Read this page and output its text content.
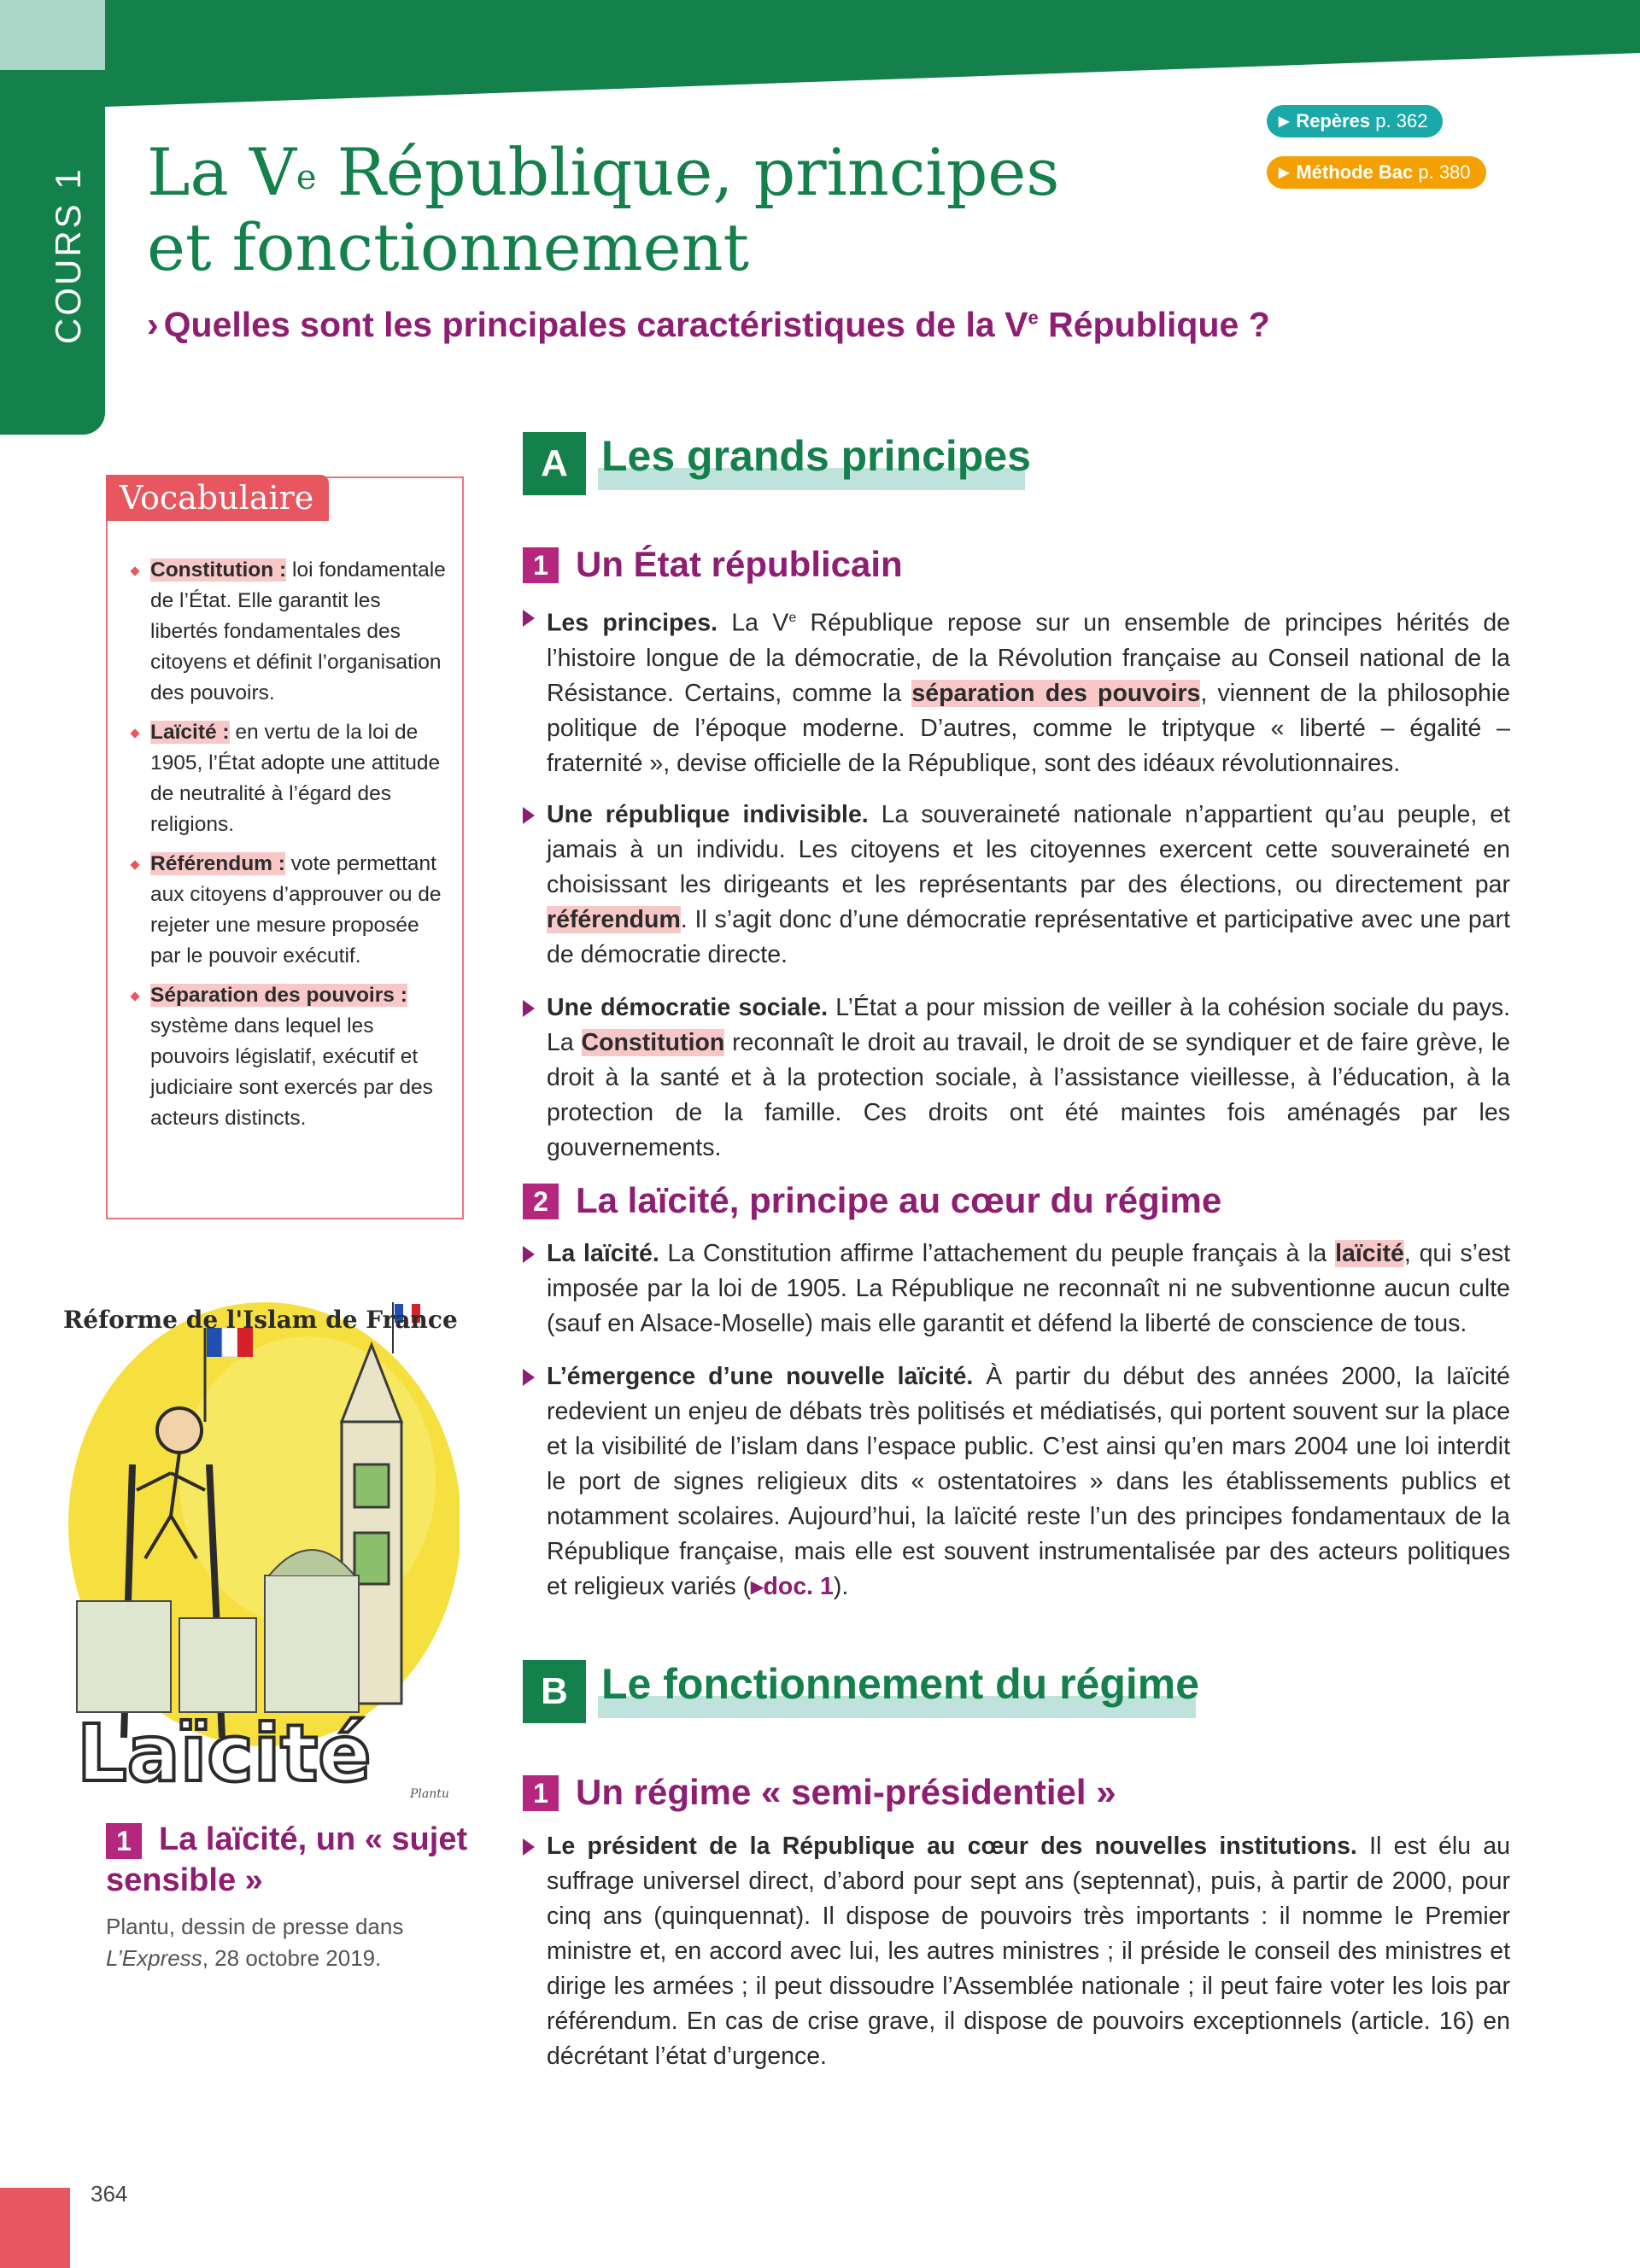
COURS 1 La Ve République, principes
et fonctionnement
› Quelles sont les principales caractéristiques de la Ve République ?
▶ Repères p. 362
▶ Méthode Bac p. 380
Vocabulaire
Constitution : loi fondamentale de l’État. Elle garantit les libertés fondamentales des citoyens et définit l’organisation des pouvoirs.
Laïcité : en vertu de la loi de 1905, l’État adopte une attitude de neutralité à l’égard des religions.
Référendum : vote permettant aux citoyens d’approuver ou de rejeter une mesure proposée par le pouvoir exécutif.
Séparation des pouvoirs : système dans lequel les pouvoirs législatif, exécutif et judiciaire sont exercés par des acteurs distincts.
Réforme de l'Islam de France
Laïcité	Plantu
La laïcité, un « sujet sensible »
1
Plantu, dessin de presse dans L’Express, 28 octobre 2019.
A Les grands principes
1 Un État républicain
Les principes. La Ve République repose sur un ensemble de principes hérités de l’histoire longue de la démocratie, de la Révolution française au Conseil national de la Résistance. Certains, comme la séparation des pouvoirs, viennent de la philosophie politique de l’époque moderne. D’autres, comme le triptyque « liberté – égalité – fraternité », devise officielle de la République, sont des idéaux révolutionnaires.
Une république indivisible. La souveraineté nationale n’appartient qu’au peuple, et jamais à un individu. Les citoyens et les citoyennes exercent cette souveraineté en choisissant les dirigeants et les représentants par des élections, ou directement par référendum. Il s’agit donc d’une démocratie représentative et participative avec une part de démocratie directe.
Une démocratie sociale. L’État a pour mission de veiller à la cohésion sociale du pays. La Constitution reconnaît le droit au travail, le droit de se syndiquer et de faire grève, le droit à la santé et à la protection sociale, à l’assistance vieillesse, à l’éducation, à la protection de la famille. Ces droits ont été maintes fois aménagés par les gouvernements.
2 La laïcité, principe au cœur du régime
La laïcité. La Constitution affirme l’attachement du peuple français à la laïcité, qui s’est imposée par la loi de 1905. La République ne reconnaît ni ne subventionne aucun culte (sauf en Alsace-Moselle) mais elle garantit et défend la liberté de conscience de tous.
L’émergence d’une nouvelle laïcité. À partir du début des années 2000, la laïcité redevient un enjeu de débats très politisés et médiatisés, qui portent souvent sur la place et la visibilité de l’islam dans l’espace public. C’est ainsi qu’en mars 2004 une loi interdit le port de signes religieux dits « ostentatoires » dans les établissements publics et notamment scolaires. Aujourd’hui, la laïcité reste l’un des principes fondamentaux de la République française, mais elle est souvent instrumentalisée par des acteurs politiques et religieux variés (▸doc. 1).
B Le fonctionnement du régime
1 Un régime « semi-présidentiel »
Le président de la République au cœur des nouvelles institutions. Il est élu au suffrage universel direct, d’abord pour sept ans (septennat), puis, à partir de 2000, pour cinq ans (quinquennat). Il dispose de pouvoirs très importants : il nomme le Premier ministre et, en accord avec lui, les autres ministres ; il préside le conseil des ministres et dirige les armées ; il peut dissoudre l’Assemblée nationale ; il peut faire voter les lois par référendum. En cas de crise grave, il dispose de pouvoirs exceptionnels (article. 16) en décrétant l’état d’urgence.
364
